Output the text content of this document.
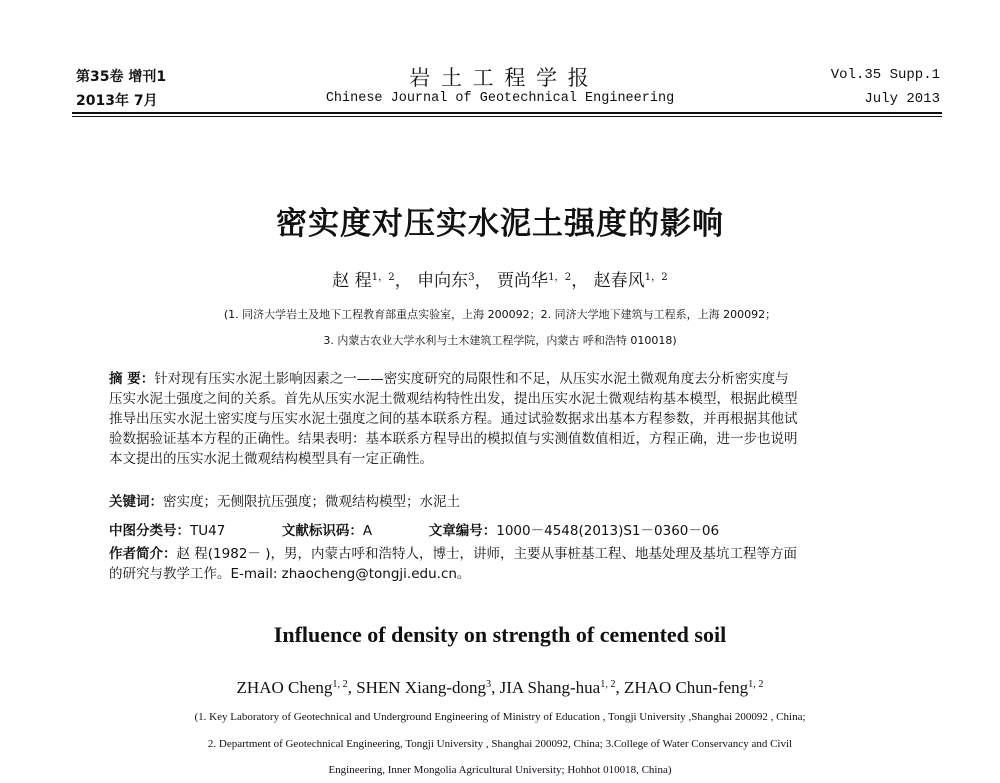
第35卷 增刊1
2013年 7月
岩 土 工 程 学 报
Chinese Journal of Geotechnical Engineering
Vol.35 Supp.1
July 2013
密实度对压实水泥土强度的影响
赵 程$^{1,2}$， 申向东$^3$， 贾尚华$^{1,2}$， 赵春风$^{1,2}$
(1. 同济大学岩土及地下工程教育部重点实验室，上海 200092；2. 同济大学地下建筑与工程系，上海 200092；
3. 内蒙古农业大学水利与土木建筑工程学院，内蒙古 呼和浩特 010018)
摘 要：针对现有压实水泥土影响因素之一——密实度研究的局限性和不足，从压实水泥土微观角度去分析密实度与
压实水泥土强度之间的关系。首先从压实水泥土微观结构特性出发，提出压实水泥土微观结构基本模型，根据此模型
推导出压实水泥土密实度与压实水泥土强度之间的基本联系方程。通过试验数据求出基本方程参数，并再根据其他试
验数据验证基本方程的正确性。结果表明：基本联系方程导出的模拟值与实测值数值相近，方程正确，进一步也说明
本文提出的压实水泥土微观结构模型具有一定正确性。
关键词：密实度；无侧限抗压强度；微观结构模型；水泥土
中图分类号：TU47	文献标识码：A	文章编号：1000－4548(2013)S1－0360－06
作者简介：赵 程(1982－ )，男，内蒙古呼和浩特人，博士，讲师，主要从事桩基工程、地基处理及基坑工程等方面
的研究与教学工作。E-mail: zhaocheng@tongji.edu.cn。
Influence of density on strength of cemented soil
ZHAO Cheng$^{1, 2}$, SHEN Xiang-dong$^3$, JIA Shang-hua$^{1, 2}$, ZHAO Chun-feng$^{1, 2}$
(1. Key Laboratory of Geotechnical and Underground Engineering of Ministry of Education , Tongji University ,Shanghai 200092 , China;
2. Department of Geotechnical Engineering, Tongji University , Shanghai 200092, China; 3.College of Water Conservancy and Civil
Engineering, Inner Mongolia Agricultural University; Hohhot 010018, China)
